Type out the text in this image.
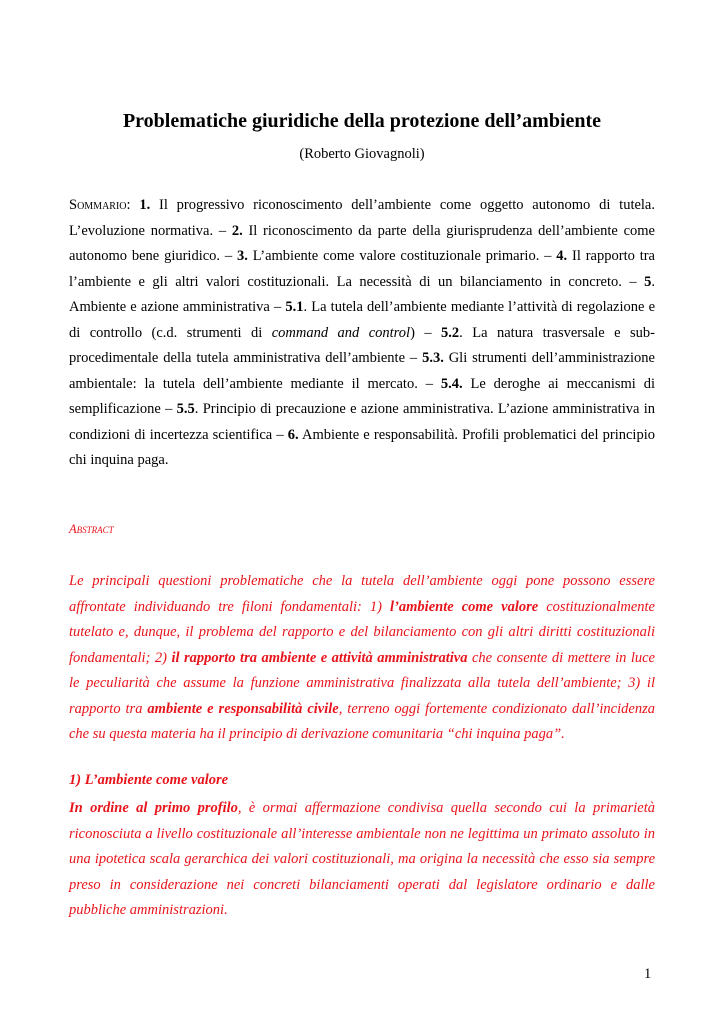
Problematiche giuridiche della protezione dell’ambiente
(Roberto Giovagnoli)
Sommario: 1. Il progressivo riconoscimento dell’ambiente come oggetto autonomo di tutela. L’evoluzione normativa. – 2. Il riconoscimento da parte della giurisprudenza dell’ambiente come autonomo bene giuridico. – 3. L’ambiente come valore costituzionale primario. – 4. Il rapporto tra l’ambiente e gli altri valori costituzionali. La necessità di un bilanciamento in concreto. – 5. Ambiente e azione amministrativa – 5.1. La tutela dell’ambiente mediante l’attività di regolazione e di controllo (c.d. strumenti di command and control) – 5.2. La natura trasversale e sub-procedimentale della tutela amministrativa dell’ambiente – 5.3. Gli strumenti dell’amministrazione ambientale: la tutela dell’ambiente mediante il mercato. – 5.4. Le deroghe ai meccanismi di semplificazione – 5.5. Principio di precauzione e azione amministrativa. L’azione amministrativa in condizioni di incertezza scientifica – 6. Ambiente e responsabilità. Profili problematici del principio chi inquina paga.
Abstract
Le principali questioni problematiche che la tutela dell’ambiente oggi pone possono essere affrontate individuando tre filoni fondamentali: 1) l’ambiente come valore costituzionalmente tutelato e, dunque, il problema del rapporto e del bilanciamento con gli altri diritti costituzionali fondamentali; 2) il rapporto tra ambiente e attività amministrativa che consente di mettere in luce le peculiarità che assume la funzione amministrativa finalizzata alla tutela dell’ambiente; 3) il rapporto tra ambiente e responsabilità civile, terreno oggi fortemente condizionato dall’incidenza che su questa materia ha il principio di derivazione comunitaria “chi inquina paga”.
1) L’ambiente come valore
In ordine al primo profilo, è ormai affermazione condivisa quella secondo cui la primarietà riconosciuta a livello costituzionale all’interesse ambientale non ne legittima un primato assoluto in una ipotetica scala gerarchica dei valori costituzionali, ma origina la necessità che esso sia sempre preso in considerazione nei concreti bilanciamenti operati dal legislatore ordinario e dalle pubbliche amministrazioni.
1
